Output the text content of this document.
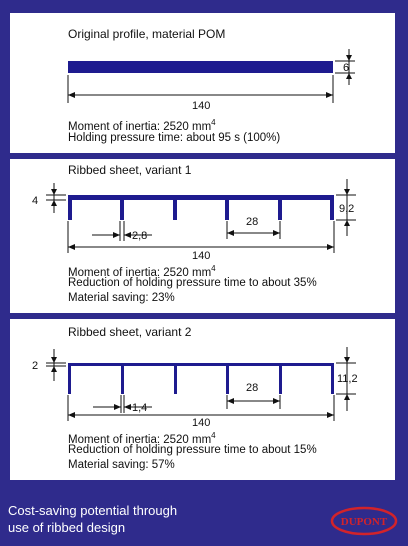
Original profile, material POM
6
140
Moment of inertia: 2520 $mm^4$
Holding pressure time: about 95 s (100%)
Ribbed sheet, variant 1
4
9,2
28
2,8
140
Moment of inertia: 2520 $mm^4$
Reduction of holding pressure time to about 35%
Material saving: 23%
Ribbed sheet, variant 2
2
11,2
28
1,4
140
Moment of inertia: 2520 $mm^4$
Reduction of holding pressure time to about 15%
Material saving: 57%
Cost-saving potential through
use of ribbed design	DUPONT
